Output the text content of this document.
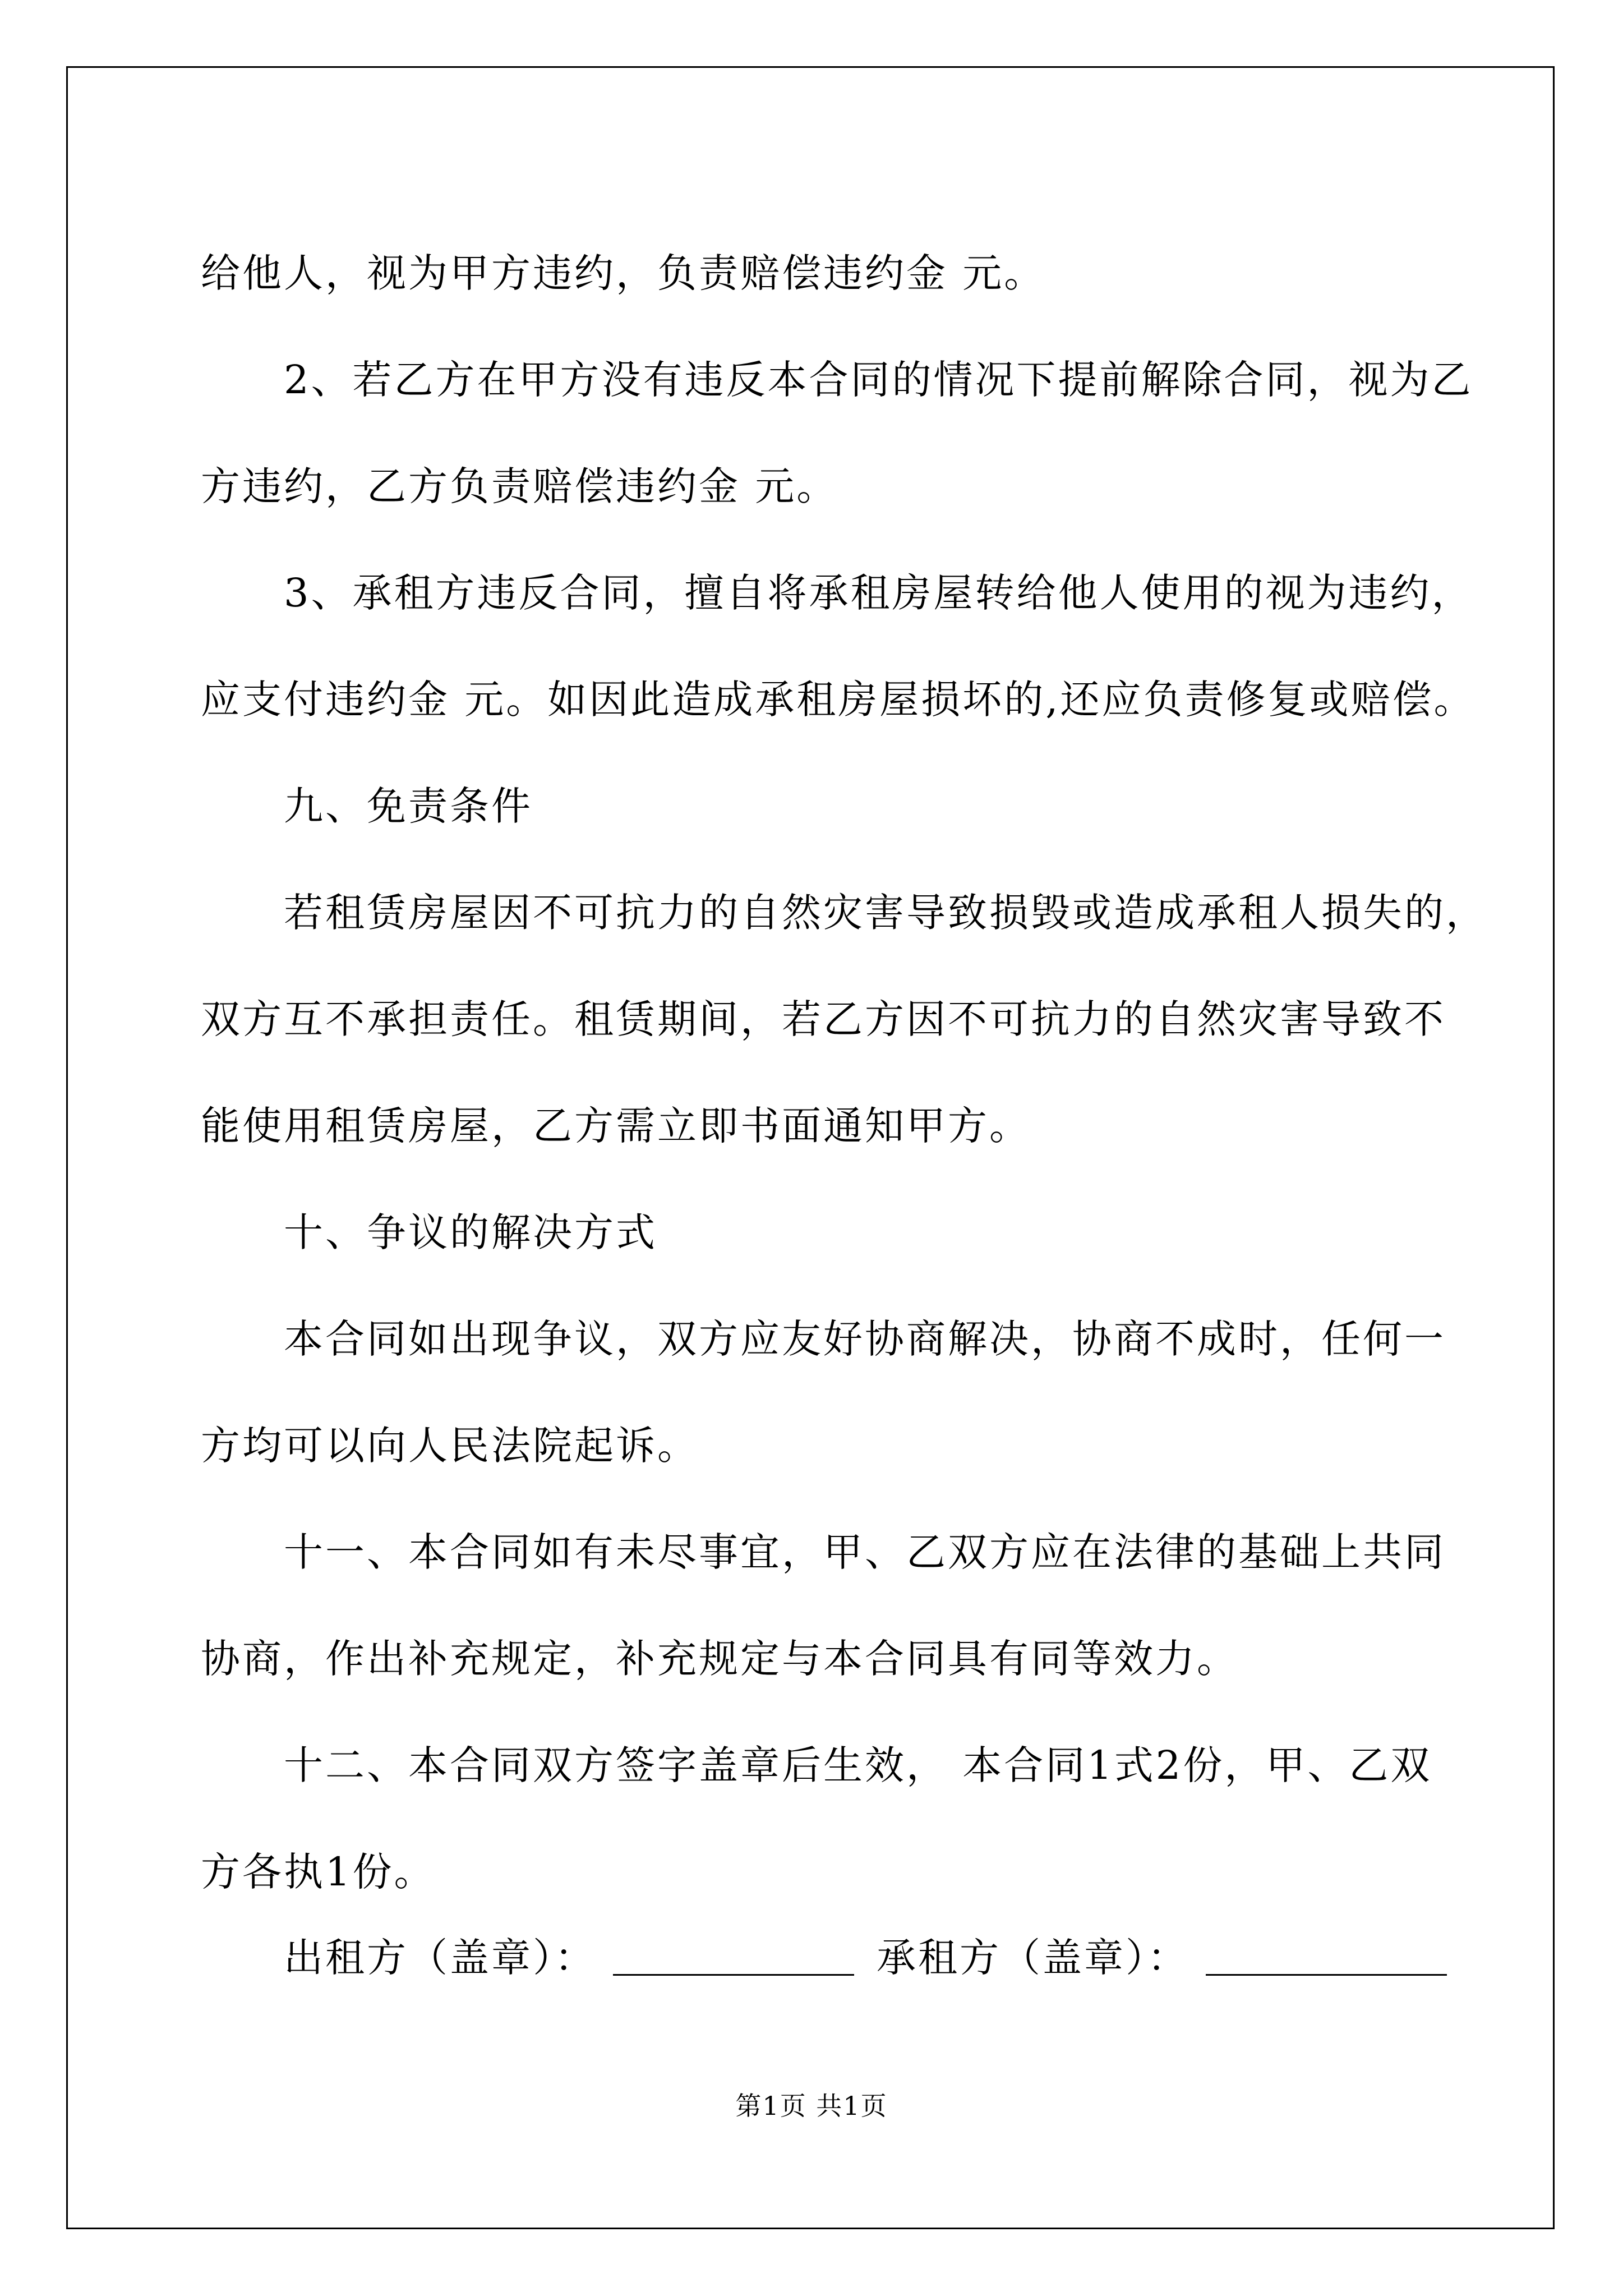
给他人，视为甲方违约，负责赔偿违约金 元。

2、若乙方在甲方没有违反本合同的情况下提前解除合同，视为乙
方违约，乙方负责赔偿违约金 元。

3、承租方违反合同，擅自将承租房屋转给他人使用的视为违约，
应支付违约金 元。如因此造成承租房屋损坏的,还应负责修复或赔偿。

九、免责条件

若租赁房屋因不可抗力的自然灾害导致损毁或造成承租人损失的，
双方互不承担责任。租赁期间，若乙方因不可抗力的自然灾害导致不
能使用租赁房屋，乙方需立即书面通知甲方。

十、争议的解决方式

本合同如出现争议，双方应友好协商解决，协商不成时，任何一
方均可以向人民法院起诉。

十一、本合同如有未尽事宜，甲、乙双方应在法律的基础上共同
协商，作出补充规定，补充规定与本合同具有同等效力。

十二、本合同双方签字盖章后生效， 本合同1式2份，甲、乙双
方各执1份。

出租方（盖章）：	承租方（盖章）：
第1页 共1页
